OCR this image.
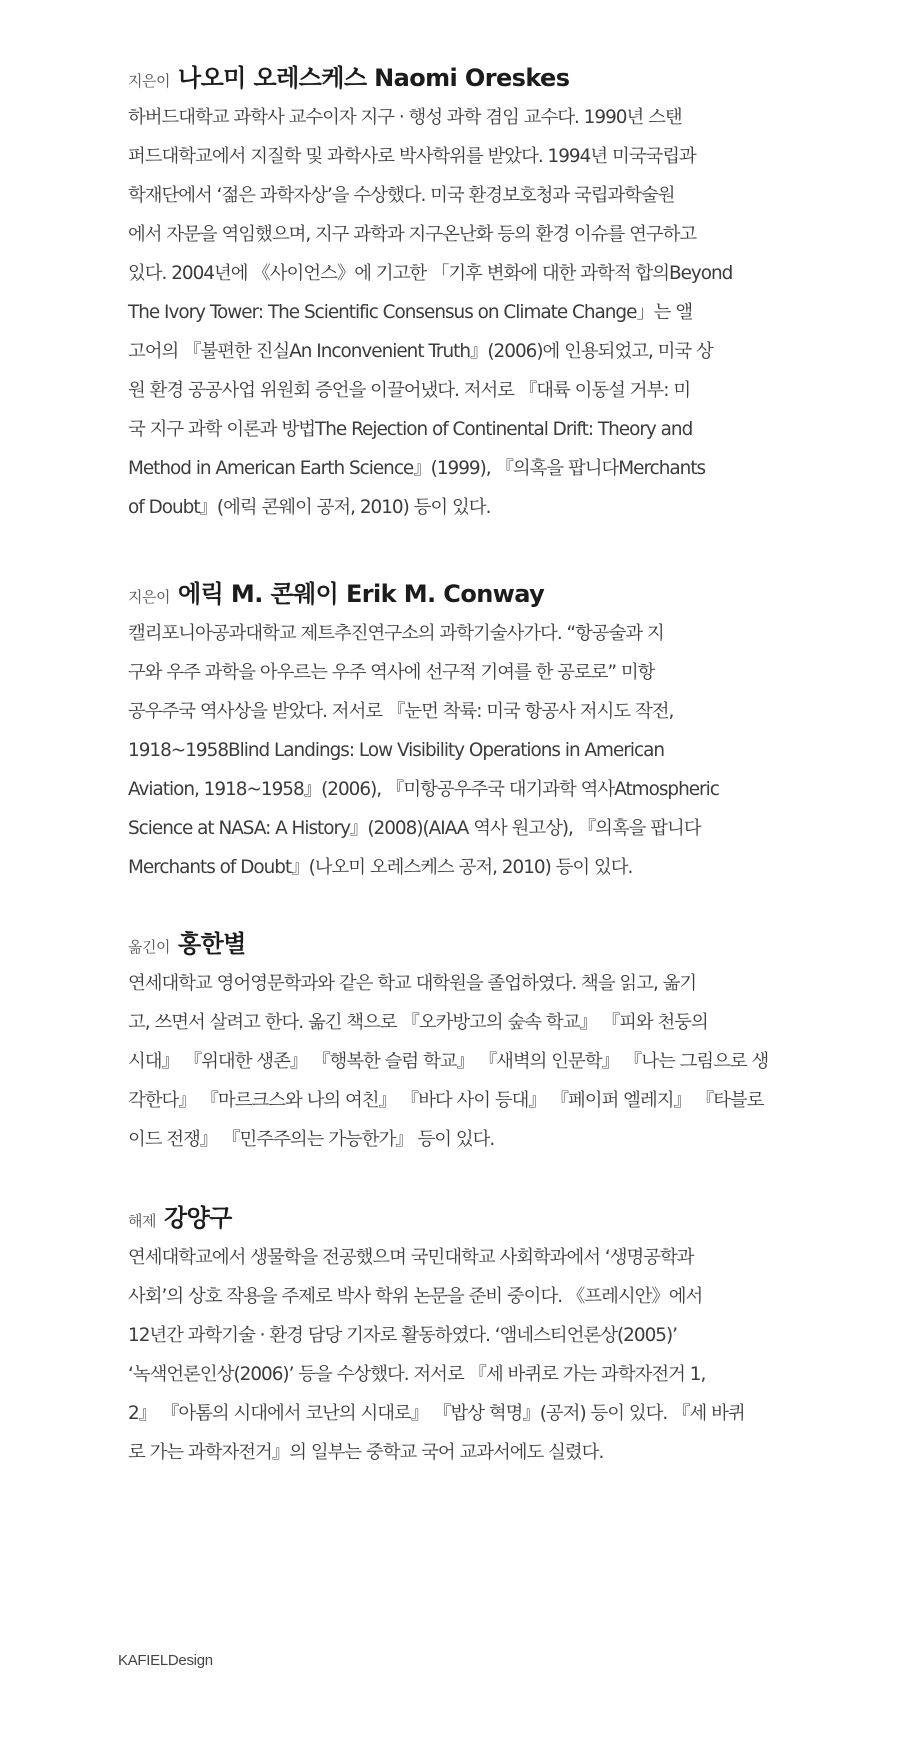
지은이 나오미 오레스케스 Naomi Oreskes
하버드대학교 과학사 교수이자 지구 · 행성 과학 겸임 교수다. 1990년 스탠
퍼드대학교에서 지질학 및 과학사로 박사학위를 받았다. 1994년 미국국립과
학재단에서 ‘젊은 과학자상’을 수상했다. 미국 환경보호청과 국립과학술원
에서 자문을 역임했으며, 지구 과학과 지구온난화 등의 환경 이슈를 연구하고
있다. 2004년에 《사이언스》에 기고한 「기후 변화에 대한 과학적 합의Beyond
The Ivory Tower: The Scientific Consensus on Climate Change」는 앨
고어의 『불편한 진실An Inconvenient Truth』(2006)에 인용되었고, 미국 상
원 환경 공공사업 위원회 증언을 이끌어냈다. 저서로 『대륙 이동설 거부: 미
국 지구 과학 이론과 방법The Rejection of Continental Drift: Theory and
Method in American Earth Science』(1999), 『의혹을 팝니다Merchants
of Doubt』(에릭 콘웨이 공저, 2010) 등이 있다.
지은이 에릭 M. 콘웨이 Erik M. Conway
캘리포니아공과대학교 제트추진연구소의 과학기술사가다. “항공술과 지
구와 우주 과학을 아우르는 우주 역사에 선구적 기여를 한 공로로” 미항
공우주국 역사상을 받았다. 저서로 『눈먼 착륙: 미국 항공사 저시도 작전,
1918~1958Blind Landings: Low Visibility Operations in American
Aviation, 1918~1958』(2006), 『미항공우주국 대기과학 역사Atmospheric
Science at NASA: A History』(2008)(AIAA 역사 원고상), 『의혹을 팝니다
Merchants of Doubt』(나오미 오레스케스 공저, 2010) 등이 있다.
옮긴이 홍한별
연세대학교 영어영문학과와 같은 학교 대학원을 졸업하였다. 책을 읽고, 옮기
고, 쓰면서 살려고 한다. 옮긴 책으로 『오카방고의 숲속 학교』 『피와 천둥의
시대』 『위대한 생존』 『행복한 슬럼 학교』 『새벽의 인문학』 『나는 그림으로 생
각한다』 『마르크스와 나의 여친』 『바다 사이 등대』 『페이퍼 엘레지』 『타블로
이드 전쟁』 『민주주의는 가능한가』 등이 있다.
해제 강양구
연세대학교에서 생물학을 전공했으며 국민대학교 사회학과에서 ‘생명공학과
사회’의 상호 작용을 주제로 박사 학위 논문을 준비 중이다. 《프레시안》에서
12년간 과학기술 · 환경 담당 기자로 활동하였다. ‘앰네스티언론상(2005)’
‘녹색언론인상(2006)’ 등을 수상했다. 저서로 『세 바퀴로 가는 과학자전거 1,
2』 『아톰의 시대에서 코난의 시대로』 『밥상 혁명』(공저) 등이 있다. 『세 바퀴
로 가는 과학자전거』의 일부는 중학교 국어 교과서에도 실렸다.
KAFIELDesign
